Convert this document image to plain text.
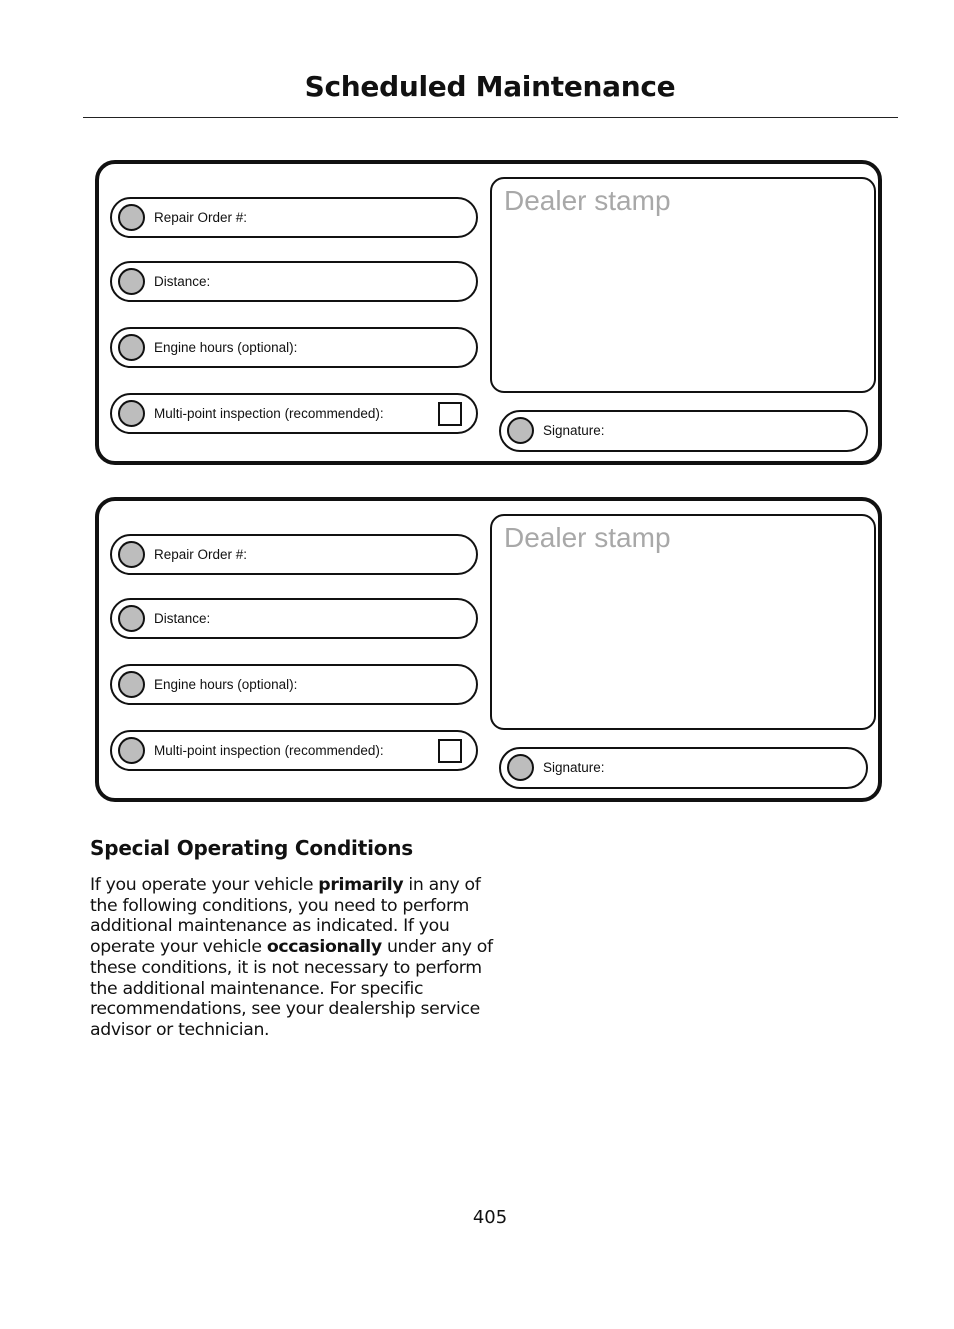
Scheduled Maintenance
Repair Order #:
Distance:
Engine hours (optional):
Multi-point inspection (recommended):
Dealer stamp
Signature:
Repair Order #:
Distance:
Engine hours (optional):
Multi-point inspection (recommended):
Dealer stamp
Signature:
Special Operating Conditions
If you operate your vehicle primarily in any of the following conditions, you need to perform additional maintenance as indicated. If you operate your vehicle occasionally under any of these conditions, it is not necessary to perform the additional maintenance. For specific recommendations, see your dealership service advisor or technician.
405
